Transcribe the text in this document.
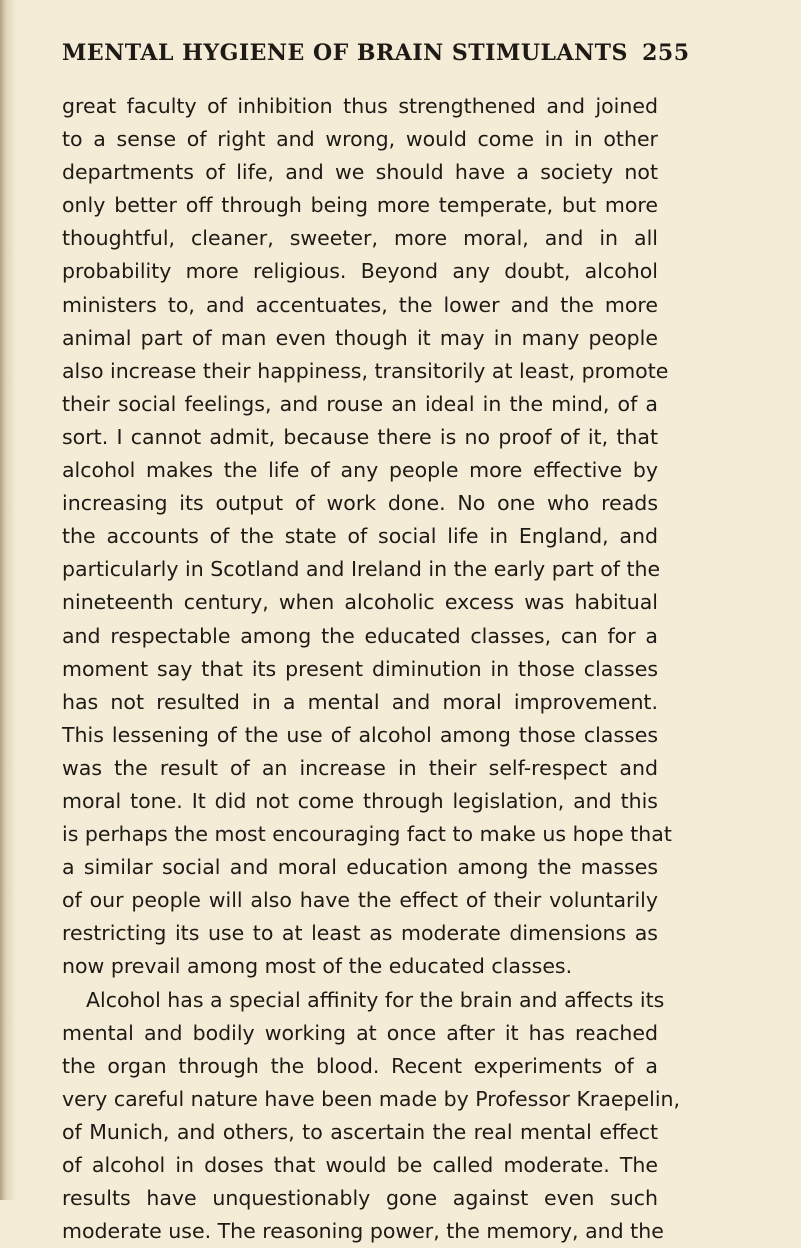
MENTAL HYGIENE OF BRAIN STIMULANTS 255
great faculty of inhibition thus strengthened and joined
to a sense of right and wrong, would come in in other
departments of life, and we should have a society not
only better off through being more temperate, but more
thoughtful, cleaner, sweeter, more moral, and in all
probability more religious. Beyond any doubt, alcohol
ministers to, and accentuates, the lower and the more
animal part of man even though it may in many people
also increase their happiness, transitorily at least, promote
their social feelings, and rouse an ideal in the mind, of a
sort. I cannot admit, because there is no proof of it, that
alcohol makes the life of any people more effective by
increasing its output of work done. No one who reads
the accounts of the state of social life in England, and
particularly in Scotland and Ireland in the early part of the
nineteenth century, when alcoholic excess was habitual
and respectable among the educated classes, can for a
moment say that its present diminution in those classes
has not resulted in a mental and moral improvement.
This lessening of the use of alcohol among those classes
was the result of an increase in their self-respect and
moral tone. It did not come through legislation, and this
is perhaps the most encouraging fact to make us hope that
a similar social and moral education among the masses
of our people will also have the effect of their voluntarily
restricting its use to at least as moderate dimensions as
now prevail among most of the educated classes.
Alcohol has a special affinity for the brain and affects its
mental and bodily working at once after it has reached
the organ through the blood. Recent experiments of a
very careful nature have been made by Professor Kraepelin,
of Munich, and others, to ascertain the real mental effect
of alcohol in doses that would be called moderate. The
results have unquestionably gone against even such
moderate use. The reasoning power, the memory, and the
